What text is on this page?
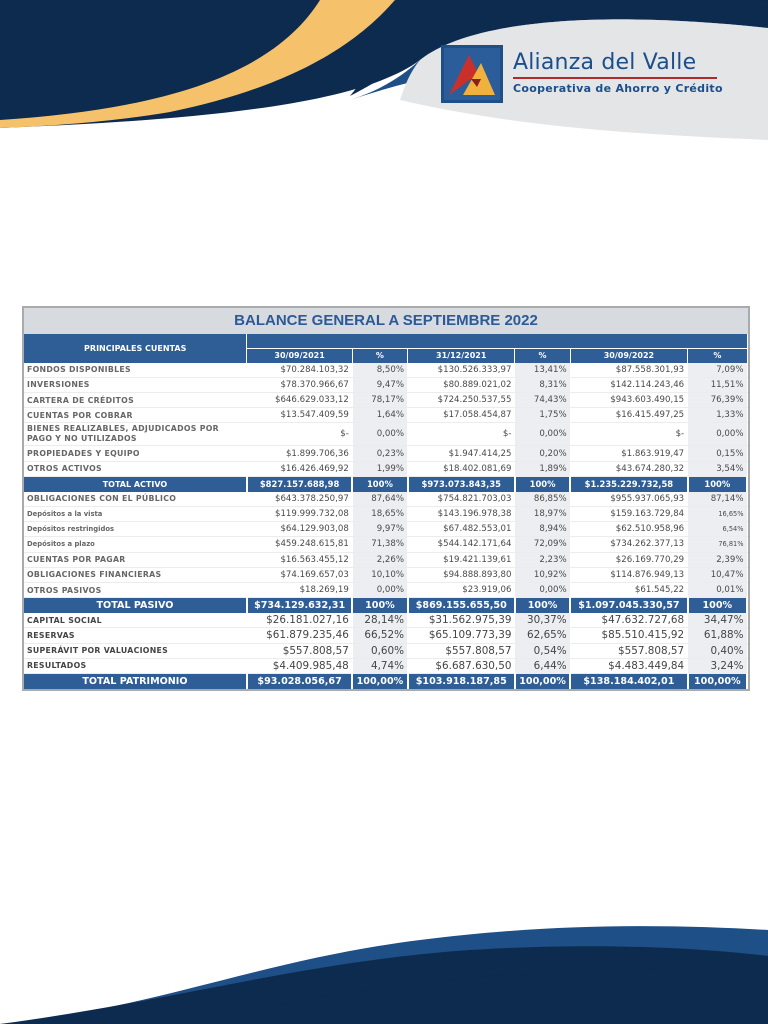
Alianza del Valle
Cooperativa de Ahorro y Crédito
BALANCE GENERAL A SEPTIEMBRE 2022
PRINCIPALES CUENTAS						
	30/09/2021	%	31/12/2021	%	30/09/2022	%
FONDOS DISPONIBLES	$70.284.103,32	8,50%	$130.526.333,97	13,41%	$87.558.301,93	7,09%
INVERSIONES	$78.370.966,67	9,47%	$80.889.021,02	8,31%	$142.114.243,46	11,51%
CARTERA DE CRÉDITOS	$646.629.033,12	78,17%	$724.250.537,55	74,43%	$943.603.490,15	76,39%
CUENTAS POR COBRAR	$13.547.409,59	1,64%	$17.058.454,87	1,75%	$16.415.497,25	1,33%
BIENES REALIZABLES, ADJUDICADOS POR PAGO Y NO UTILIZADOS	$-	0,00%	$-	0,00%	$-	0,00%
PROPIEDADES Y EQUIPO	$1.899.706,36	0,23%	$1.947.414,25	0,20%	$1.863.919,47	0,15%
OTROS ACTIVOS	$16.426.469,92	1,99%	$18.402.081,69	1,89%	$43.674.280,32	3,54%
TOTAL ACTIVO	$827.157.688,98	100%	$973.073.843,35	100%	$1.235.229.732,58	100%
OBLIGACIONES CON EL PÚBLICO	$643.378.250,97	87,64%	$754.821.703,03	86,85%	$955.937.065,93	87,14%
Depósitos a la vista	$119.999.732,08	18,65%	$143.196.978,38	18,97%	$159.163.729,84	16,65%
Depósitos restringidos	$64.129.903,08	9,97%	$67.482.553,01	8,94%	$62.510.958,96	6,54%
Depósitos a plazo	$459.248.615,81	71,38%	$544.142.171,64	72,09%	$734.262.377,13	76,81%
CUENTAS POR PAGAR	$16.563.455,12	2,26%	$19.421.139,61	2,23%	$26.169.770,29	2,39%
OBLIGACIONES FINANCIERAS	$74.169.657,03	10,10%	$94.888.893,80	10,92%	$114.876.949,13	10,47%
OTROS PASIVOS	$18.269,19	0,00%	$23.919,06	0,00%	$61.545,22	0,01%
TOTAL PASIVO	$734.129.632,31	100%	$869.155.655,50	100%	$1.097.045.330,57	100%
CAPITAL SOCIAL	$26.181.027,16	28,14%	$31.562.975,39	30,37%	$47.632.727,68	34,47%
RESERVAS	$61.879.235,46	66,52%	$65.109.773,39	62,65%	$85.510.415,92	61,88%
SUPERÁVIT POR VALUACIONES	$557.808,57	0,60%	$557.808,57	0,54%	$557.808,57	0,40%
RESULTADOS	$4.409.985,48	4,74%	$6.687.630,50	6,44%	$4.483.449,84	3,24%
TOTAL PATRIMONIO	$93.028.056,67	100,00%	$103.918.187,85	100,00%	$138.184.402,01	100,00%
